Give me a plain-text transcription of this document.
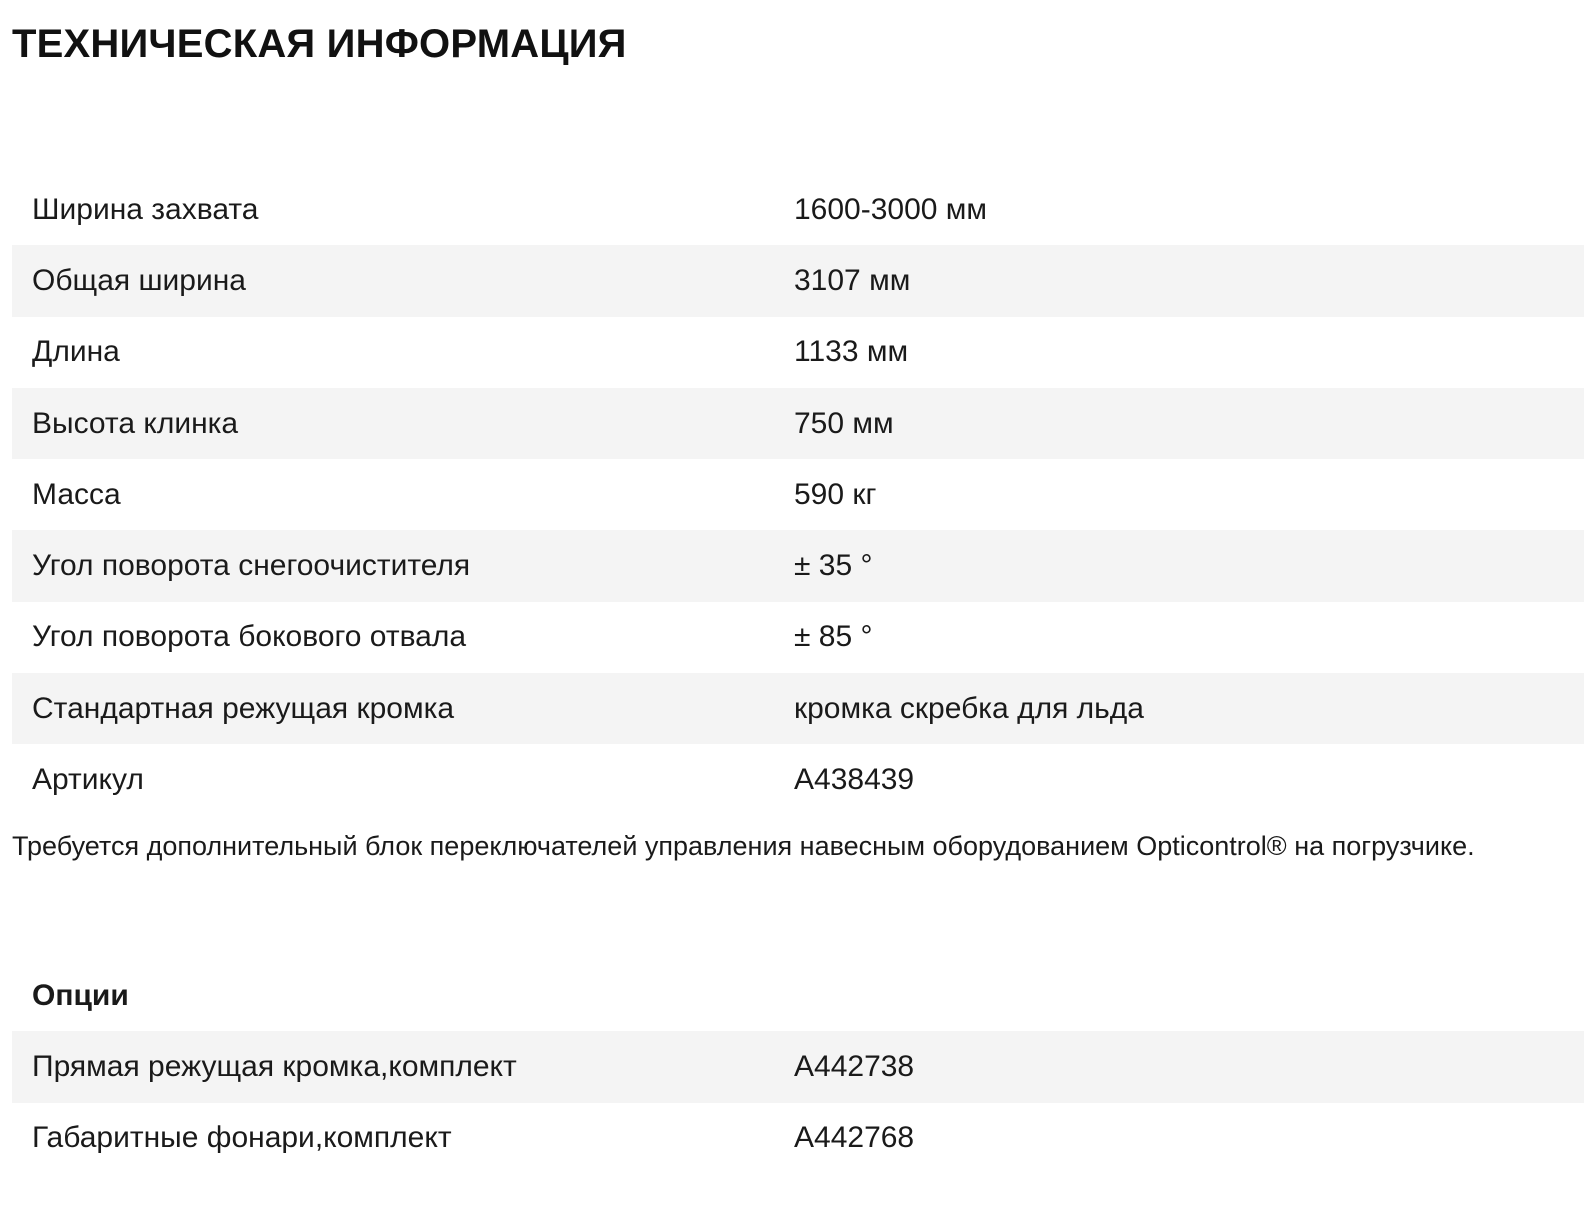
ТЕХНИЧЕСКАЯ ИНФОРМАЦИЯ
Ширина захвата	1600-3000 мм
Общая ширина	3107 мм
Длина	1133 мм
Высота клинка	750 мм
Масса	590 кг
Угол поворота снегоочистителя	± 35 °
Угол поворота бокового отвала	± 85 °
Стандартная режущая кромка	кромка скребка для льда
Артикул	A438439
Требуется дополнительный блок переключателей управления навесным оборудованием Opticontrol® на погрузчике.
Опции
Прямая режущая кромка,комплект	A442738
Габаритные фонари,комплект	A442768
